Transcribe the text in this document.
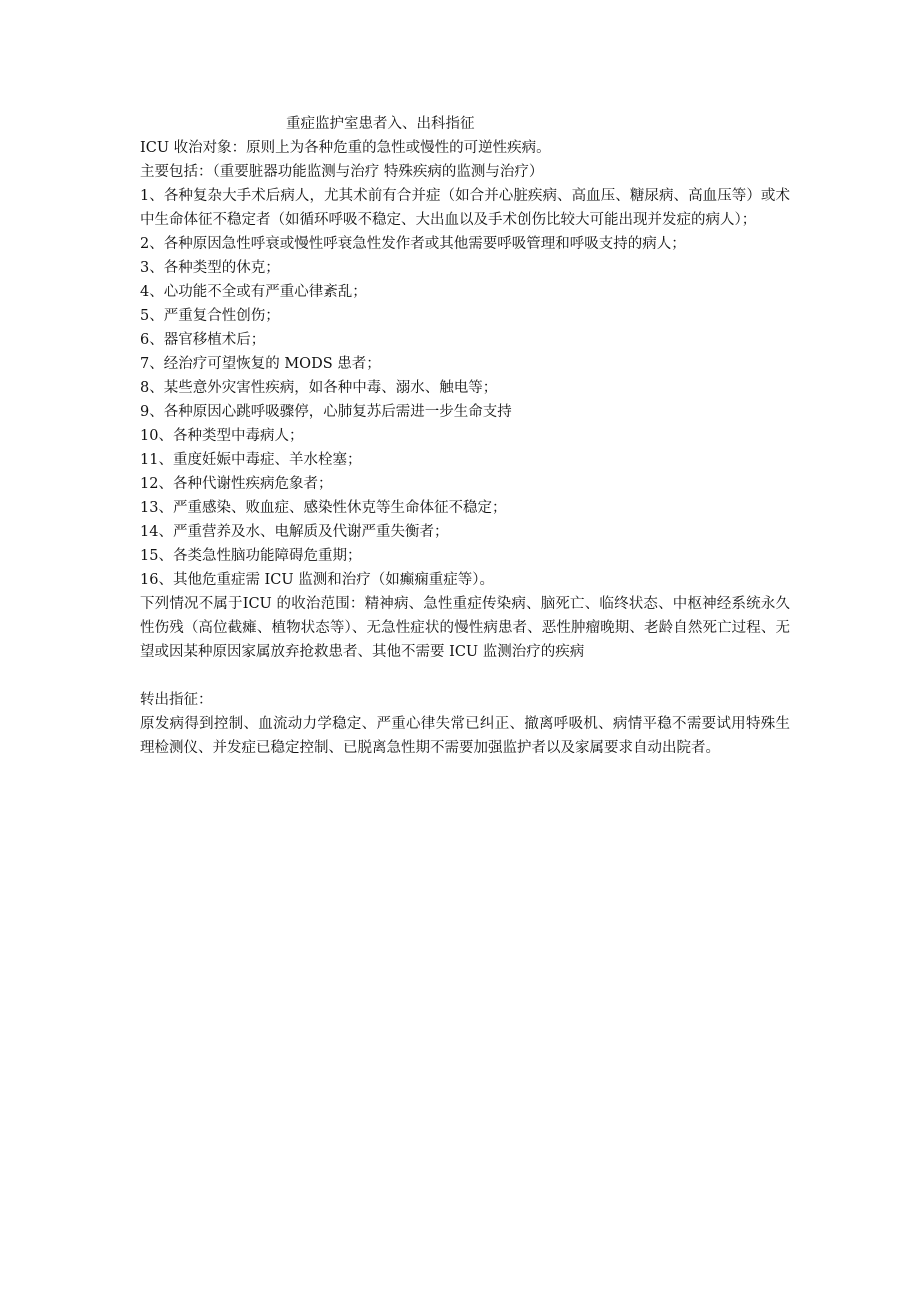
重症监护室患者入、出科指征

ICU 收治对象：原则上为各种危重的急性或慢性的可逆性疾病。

主要包括：（重要脏器功能监测与治疗 特殊疾病的监测与治疗）

1、各种复杂大手术后病人，尤其术前有合并症（如合并心脏疾病、高血压、糖尿病、高血压等）或术中生命体征不稳定者（如循环呼吸不稳定、大出血以及手术创伤比较大可能出现并发症的病人）；

2、各种原因急性呼衰或慢性呼衰急性发作者或其他需要呼吸管理和呼吸支持的病人；

3、各种类型的休克；

4、心功能不全或有严重心律紊乱；

5、严重复合性创伤；

6、器官移植术后；

7、经治疗可望恢复的 MODS 患者；

8、某些意外灾害性疾病，如各种中毒、溺水、触电等；

9、各种原因心跳呼吸骤停，心肺复苏后需进一步生命支持

10、各种类型中毒病人；

11、重度妊娠中毒症、羊水栓塞；

12、各种代谢性疾病危象者；

13、严重感染、败血症、感染性休克等生命体征不稳定；

14、严重营养及水、电解质及代谢严重失衡者；

15、各类急性脑功能障碍危重期；

16、其他危重症需 ICU 监测和治疗（如癫痫重症等）。

下列情况不属于ICU 的收治范围：精神病、急性重症传染病、脑死亡、临终状态、中枢神经系统永久性伤残（高位截瘫、植物状态等）、无急性症状的慢性病患者、恶性肿瘤晚期、老龄自然死亡过程、无望或因某种原因家属放弃抢救患者、其他不需要 ICU 监测治疗的疾病

转出指征：

原发病得到控制、血流动力学稳定、严重心律失常已纠正、撤离呼吸机、病情平稳不需要试用特殊生理检测仪、并发症已稳定控制、已脱离急性期不需要加强监护者以及家属要求自动出院者。
